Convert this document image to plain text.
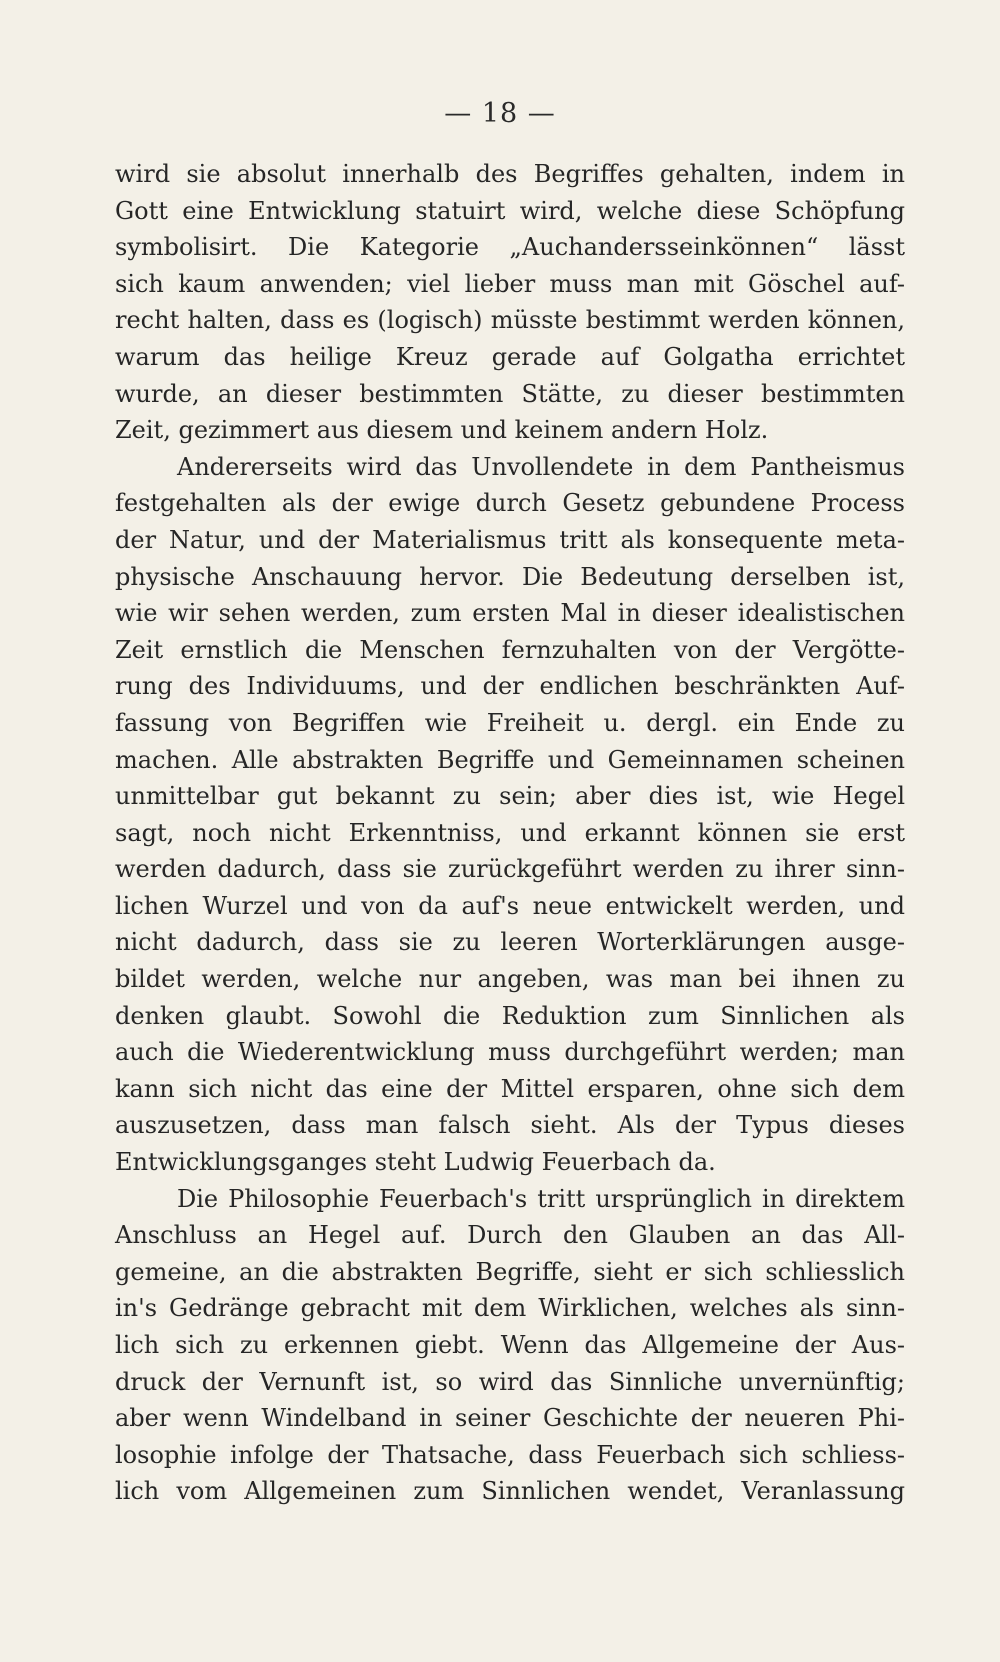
— 18 —
wird sie absolut innerhalb des Begriffes gehalten, indem in
Gott eine Entwicklung statuirt wird, welche diese Schöpfung
symbolisirt. Die Kategorie „Auchandersseinkönnen“ lässt
sich kaum anwenden; viel lieber muss man mit Göschel auf-
recht halten, dass es (logisch) müsste bestimmt werden können,
warum das heilige Kreuz gerade auf Golgatha errichtet
wurde, an dieser bestimmten Stätte, zu dieser bestimmten
Zeit, gezimmert aus diesem und keinem andern Holz.
Andererseits wird das Unvollendete in dem Pantheismus
festgehalten als der ewige durch Gesetz gebundene Process
der Natur, und der Materialismus tritt als konsequente meta-
physische Anschauung hervor. Die Bedeutung derselben ist,
wie wir sehen werden, zum ersten Mal in dieser idealistischen
Zeit ernstlich die Menschen fernzuhalten von der Vergötte-
rung des Individuums, und der endlichen beschränkten Auf-
fassung von Begriffen wie Freiheit u. dergl. ein Ende zu
machen. Alle abstrakten Begriffe und Gemeinnamen scheinen
unmittelbar gut bekannt zu sein; aber dies ist, wie Hegel
sagt, noch nicht Erkenntniss, und erkannt können sie erst
werden dadurch, dass sie zurückgeführt werden zu ihrer sinn-
lichen Wurzel und von da auf's neue entwickelt werden, und
nicht dadurch, dass sie zu leeren Worterklärungen ausge-
bildet werden, welche nur angeben, was man bei ihnen zu
denken glaubt. Sowohl die Reduktion zum Sinnlichen als
auch die Wiederentwicklung muss durchgeführt werden; man
kann sich nicht das eine der Mittel ersparen, ohne sich dem
auszusetzen, dass man falsch sieht. Als der Typus dieses
Entwicklungsganges steht Ludwig Feuerbach da.
Die Philosophie Feuerbach's tritt ursprünglich in direktem
Anschluss an Hegel auf. Durch den Glauben an das All-
gemeine, an die abstrakten Begriffe, sieht er sich schliesslich
in's Gedränge gebracht mit dem Wirklichen, welches als sinn-
lich sich zu erkennen giebt. Wenn das Allgemeine der Aus-
druck der Vernunft ist, so wird das Sinnliche unvernünftig;
aber wenn Windelband in seiner Geschichte der neueren Phi-
losophie infolge der Thatsache, dass Feuerbach sich schliess-
lich vom Allgemeinen zum Sinnlichen wendet, Veranlassung
